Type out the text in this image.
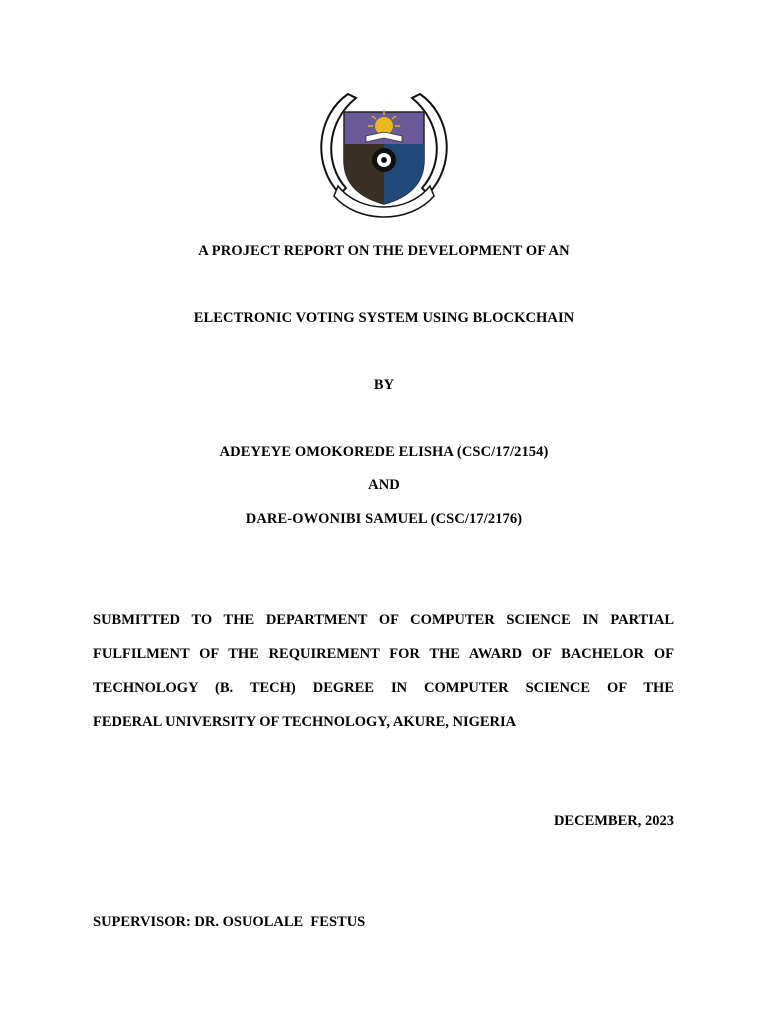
A PROJECT REPORT ON THE DEVELOPMENT OF AN
ELECTRONIC VOTING SYSTEM USING BLOCKCHAIN
BY
ADEYEYE OMOKOREDE ELISHA (CSC/17/2154)
AND
DARE-OWONIBI SAMUEL (CSC/17/2176)
SUBMITTED TO THE DEPARTMENT OF COMPUTER SCIENCE IN PARTIAL
FULFILMENT OF THE REQUIREMENT FOR THE AWARD OF BACHELOR OF
TECHNOLOGY (B. TECH) DEGREE IN COMPUTER SCIENCE OF THE
FEDERAL UNIVERSITY OF TECHNOLOGY, AKURE, NIGERIA
DECEMBER, 2023
SUPERVISOR: DR. OSUOLALE  FESTUS
